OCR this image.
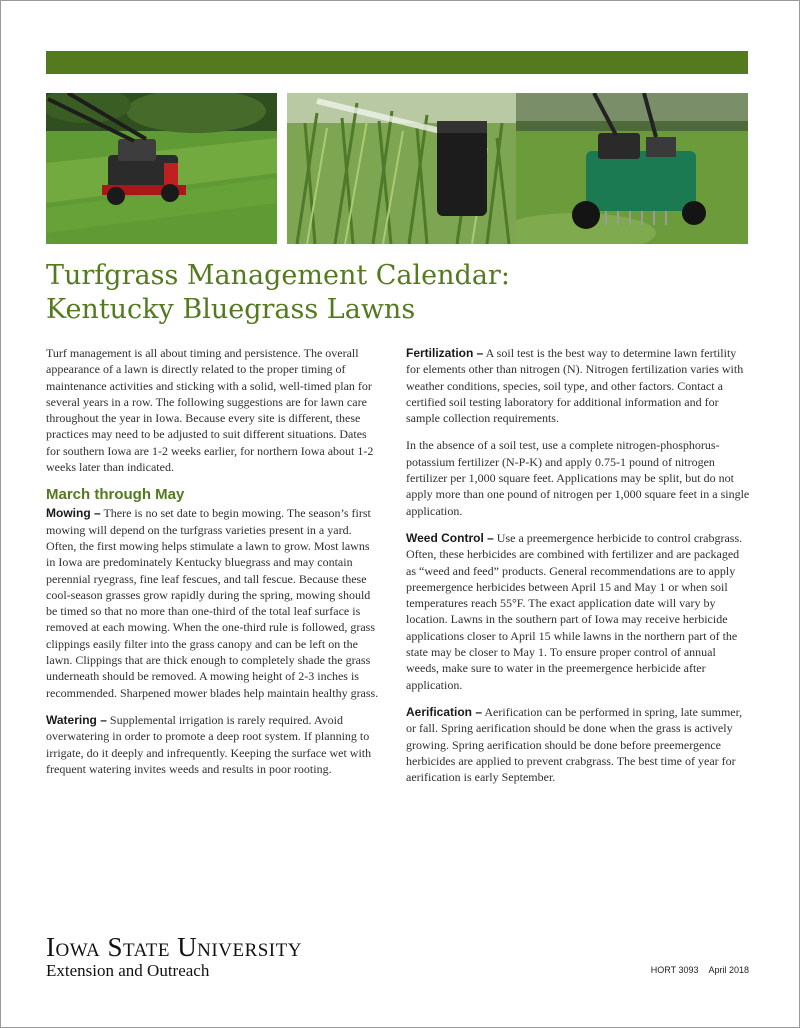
Turfgrass Management Calendar:
Kentucky Bluegrass Lawns

Turf management is all about timing and persistence. The overall appearance of a lawn is directly related to the proper timing of maintenance activities and sticking with a solid, well-timed plan for several years in a row. The following suggestions are for lawn care throughout the year in Iowa. Because every site is different, these practices may need to be adjusted to suit different situations. Dates for southern Iowa are 1-2 weeks earlier, for northern Iowa about 1-2 weeks later than indicated.

March through May

Mowing – There is no set date to begin mowing. The season’s first mowing will depend on the turfgrass varieties present in a yard. Often, the first mowing helps stimulate a lawn to grow. Most lawns in Iowa are predominately Kentucky bluegrass and may contain perennial ryegrass, fine leaf fescues, and tall fescue. Because these cool-season grasses grow rapidly during the spring, mowing should be timed so that no more than one-third of the total leaf surface is removed at each mowing. When the one-third rule is followed, grass clippings easily filter into the grass canopy and can be left on the lawn. Clippings that are thick enough to completely shade the grass underneath should be removed. A mowing height of 2-3 inches is recommended. Sharpened mower blades help maintain healthy grass.

Watering – Supplemental irrigation is rarely required. Avoid overwatering in order to promote a deep root system. If planning to irrigate, do it deeply and infrequently. Keeping the surface wet with frequent watering invites weeds and results in poor rooting.

Fertilization – A soil test is the best way to determine lawn fertility for elements other than nitrogen (N). Nitrogen fertilization varies with weather conditions, species, soil type, and other factors. Contact a certified soil testing laboratory for additional information and for sample collection requirements.

In the absence of a soil test, use a complete nitrogen-phosphorus-potassium fertilizer (N-P-K) and apply 0.75-1 pound of nitrogen fertilizer per 1,000 square feet. Applications may be split, but do not apply more than one pound of nitrogen per 1,000 square feet in a single application.

Weed Control – Use a preemergence herbicide to control crabgrass. Often, these herbicides are combined with fertilizer and are packaged as “weed and feed” products. General recommendations are to apply preemergence herbicides between April 15 and May 1 or when soil temperatures reach 55°F. The exact application date will vary by location. Lawns in the southern part of Iowa may receive herbicide applications closer to April 15 while lawns in the northern part of the state may be closer to May 1. To ensure proper control of annual weeds, make sure to water in the preemergence herbicide after application.

Aerification – Aerification can be performed in spring, late summer, or fall. Spring aerification should be done when the grass is actively growing. Spring aerification should be done before preemergence herbicides are applied to prevent crabgrass. The best time of year for aerification is early September.

Iowa State University
Extension and Outreach	HORT 3093 April 2018
